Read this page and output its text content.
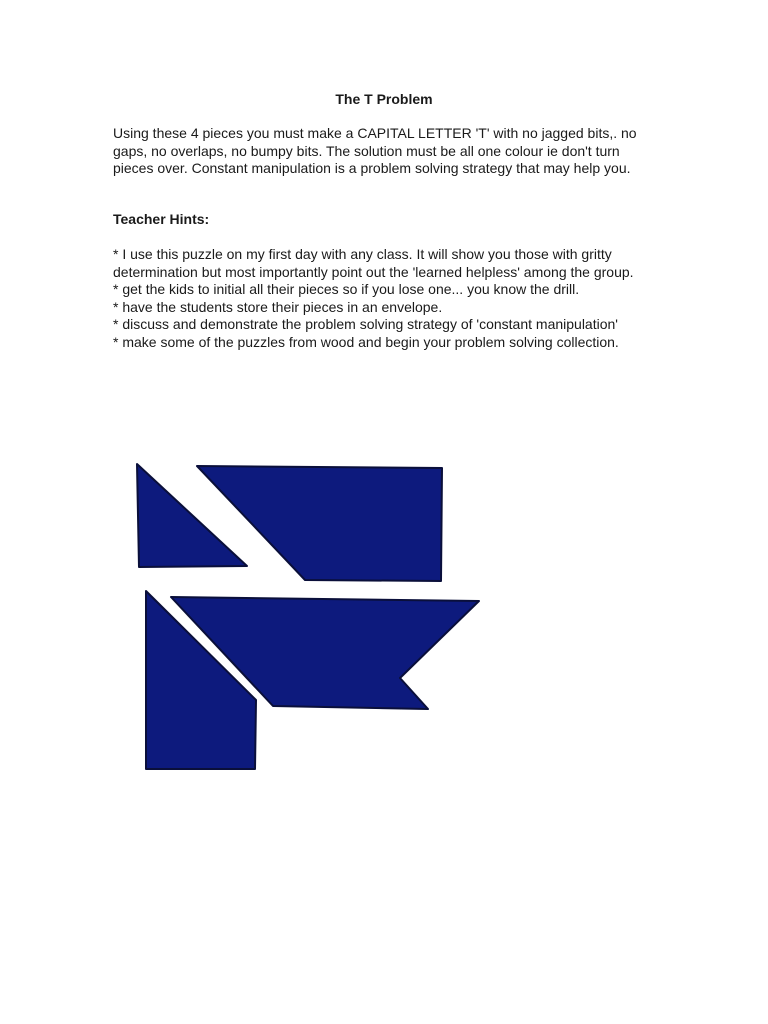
The T Problem

Using these 4 pieces you must make a CAPITAL LETTER 'T' with no jagged bits,. no gaps, no overlaps, no bumpy bits. The solution must be all one colour ie don't turn pieces over. Constant manipulation is a problem solving strategy that may help you.

Teacher Hints:
* I use this puzzle on my first day with any class. It will show you those with gritty determination but most importantly point out the 'learned helpless' among the group.
* get the kids to initial all their pieces so if you lose one... you know the drill.
* have the students store their pieces in an envelope.
* discuss and demonstrate the problem solving strategy of 'constant manipulation'
* make some of the puzzles from wood and begin your problem solving collection.
